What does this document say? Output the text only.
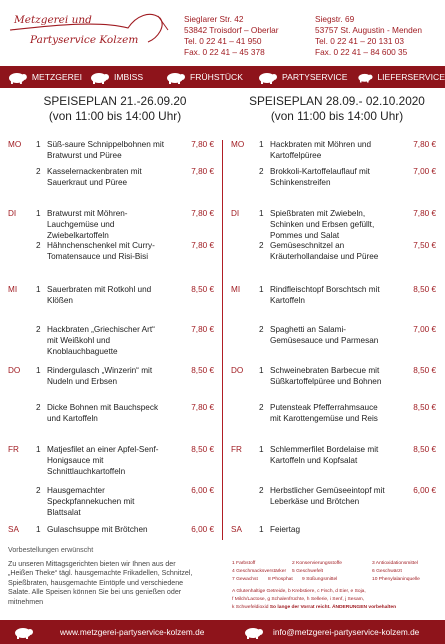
Metzgerei und
Partyservice Kolzem
Sieglarer Str. 42
53842 Troisdorf – Oberlar
Tel. 0 22 41 – 41 950
Fax. 0 22 41 – 45 378
Siegstr. 69
53757 St. Augustin - Menden
Tel. 0 22 41 – 20 131 03
Fax. 0 22 41 – 84 600 35
METZGEREI	IMBISS	FRÜHSTÜCK	PARTYSERVICE	LIEFERSERVICE
SPEISEPLAN 21.-26.09.20
(von 11:00 bis 14:00 Uhr)
SPEISEPLAN 28.09.- 02.10.2020
(von 11:00 bis 14:00 Uhr)
MO 1 Süß-saure Schnippelbohnen mit
Bratwurst und Püree
7,80 €
2 Kasselernackenbraten mit
Sauerkraut und Püree
7,80 €
DI 1 Bratwurst mit Möhren-
Lauchgemüse und
Zwiebelkartoffeln
7,80 €
2 Hähnchenschenkel mit Curry-
Tomatensauce und Risi-Bisi
7,80 €
MI 1 Sauerbraten mit Rotkohl und
Klößen
8,50 €
2 Hackbraten „Griechischer Art“
mit Weißkohl und
Knoblauchbaguette
7,80 €
DO 1 Rindergulasch „Winzerin“ mit
Nudeln und Erbsen
8,50 €
2 Dicke Bohnen mit Bauchspeck
und Kartoffeln
7,80 €
FR 1 Matjesfilet an einer Apfel-Senf-
Honigsauce mit
Schnittlauchkartoffeln
8,50 €
2 Hausgemachter
Speckpfannekuchen mit
Blattsalat
6,00 €
SA 1 Gulaschsuppe mit Brötchen	6,00 €
MO 1 Hackbraten mit Möhren und
Kartoffelpüree
7,80 €
2 Brokkoli-Kartoffelauflauf mit
Schinkenstreifen
7,00 €
DI 1 Spießbraten mit Zwiebeln,
Schinken und Erbsen gefüllt,
Pommes und Salat
7,80 €
2 Gemüseschnitzel an
Kräuterhollandaise und Püree
7,50 €
MI 1 Rindfleischtopf Borschtsch mit
Kartoffeln
8,50 €
2 Spaghetti an Salami-
Gemüsesauce und Parmesan
7,00 €
DO 1 Schweinebraten Barbecue mit
Süßkartoffelpüree und Bohnen
8,50 €
2 Putensteak Pfefferrahmsauce
mit Karottengemüse und Reis
8,50 €
FR 1 Schlemmerfilet Bordelaise mit
Kartoffeln und Kopfsalat
8,50 €
2 Herbstlicher Gemüseeintopf mit
Leberkäse und Brötchen
6,00 €
SA 1 Feiertag
Vorbestellungen erwünscht
Zu unseren Mittagsgerichten bieten wir Ihnen aus der
„Heißen Theke“ tägl. hausgemachte Frikadellen, Schnitzel,
Spießbraten, hausgemachte Eintöpfe und verschiedene
Salate. Alle Speisen können Sie bei uns genießen oder
mitnehmen
1 Farbstoff	2 Konservierungsstoffe	3 Antioxidationsmittel
4 Geschmacksverstärker	5 Geschwefelt	6 Geschwärzt
7 Gewachst	8 Phosphat	9 Süßungsmittel	10 Phenylalaninquelle
A Glutenhaltige Getreide, b Krebstiere, c Fisch, d Eier, e Soja,
f Milch/Lactose, g Schalenfrüchte, h Sellerie, i Senf, j Sesam,
k Schwefeldioxid So lange der Vorrat reicht. ÄNDERUNGEN vorbehalten
www.metzgerei-partyservice-kolzem.de	info@metzgerei-partyservice-kolzem.de
